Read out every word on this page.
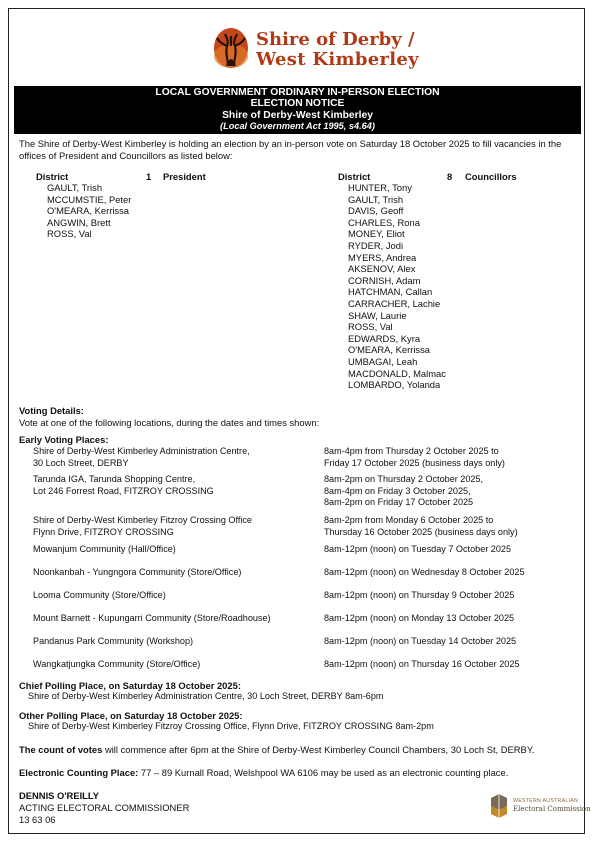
Shire of Derby /
West Kimberley
LOCAL GOVERNMENT ORDINARY IN-PERSON ELECTION
ELECTION NOTICE
Shire of Derby-West Kimberley
(Local Government Act 1995, s4.64)
The Shire of Derby-West Kimberley is holding an election by an in-person vote on Saturday 18 October 2025 to fill vacancies in the offices of President and Councillors as listed below:
District	1 President
GAULT, Trish
MCCUMSTIE, Peter
O'MEARA, Kerrissa
ANGWIN, Brett
ROSS, Val
District	8 Councillors
HUNTER, Tony
GAULT, Trish
DAVIS, Geoff
CHARLES, Rona
MONEY, Eliot
RYDER, Jodi
MYERS, Andrea
AKSENOV, Alex
CORNISH, Adam
HATCHMAN, Callan
CARRACHER, Lachie
SHAW, Laurie
ROSS, Val
EDWARDS, Kyra
O'MEARA, Kerrissa
UMBAGAI, Leah
MACDONALD, Malmac
LOMBARDO, Yolanda
Voting Details:
Vote at one of the following locations, during the dates and times shown:
Early Voting Places:
Shire of Derby-West Kimberley Administration Centre,
30 Loch Street, DERBY
8am-4pm from Thursday 2 October 2025 to
Friday 17 October 2025 (business days only)
Tarunda IGA, Tarunda Shopping Centre,
Lot 246 Forrest Road, FITZROY CROSSING
8am-2pm on Thursday 2 October 2025,
8am-4pm on Friday 3 October 2025,
8am-2pm on Friday 17 October 2025
Shire of Derby-West Kimberley Fitzroy Crossing Office
Flynn Drive, FITZROY CROSSING
8am-2pm from Monday 6 October 2025 to
Thursday 16 October 2025 (business days only)
Mowanjum Community (Hall/Office)	8am-12pm (noon) on Tuesday 7 October 2025
Noonkanbah - Yungngora Community (Store/Office)	8am-12pm (noon) on Wednesday 8 October 2025
Looma Community (Store/Office)	8am-12pm (noon) on Thursday 9 October 2025
Mount Barnett - Kupungarri Community (Store/Roadhouse)	8am-12pm (noon) on Monday 13 October 2025
Pandanus Park Community (Workshop)	8am-12pm (noon) on Tuesday 14 October 2025
Wangkatjungka Community (Store/Office)	8am-12pm (noon) on Thursday 16 October 2025
Chief Polling Place, on Saturday 18 October 2025:
Shire of Derby-West Kimberley Administration Centre, 30 Loch Street, DERBY 8am-6pm
Other Polling Place, on Saturday 18 October 2025:
Shire of Derby-West Kimberley Fitzroy Crossing Office, Flynn Drive, FITZROY CROSSING 8am-2pm
The count of votes will commence after 6pm at the Shire of Derby-West Kimberley Council Chambers, 30 Loch St, DERBY.
Electronic Counting Place: 77 – 89 Kurnall Road, Welshpool WA 6106 may be used as an electronic counting place.
DENNIS O'REILLY
ACTING ELECTORAL COMMISSIONER
13 63 06
WESTERN AUSTRALIAN
Electoral Commission
